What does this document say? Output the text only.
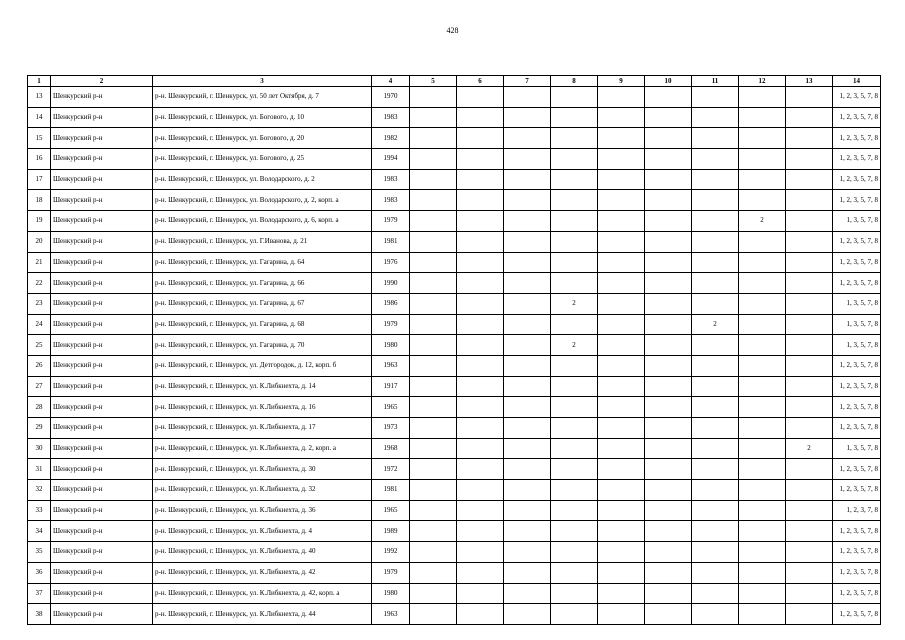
428
1	2	3	4	5	6	7	8	9	10	11	12	13	14
13	Шенкурский р-н	р-н. Шенкурский, г. Шенкурск, ул. 50 лет Октября, д. 7	1970										1, 2, 3, 5, 7, 8
14	Шенкурский р-н	р-н. Шенкурский, г. Шенкурск, ул. Богового, д. 10	1983										1, 2, 3, 5, 7, 8
15	Шенкурский р-н	р-н. Шенкурский, г. Шенкурск, ул. Богового, д. 20	1982										1, 2, 3, 5, 7, 8
16	Шенкурский р-н	р-н. Шенкурский, г. Шенкурск, ул. Богового, д. 25	1994										1, 2, 3, 5, 7, 8
17	Шенкурский р-н	р-н. Шенкурский, г. Шенкурск, ул. Володарского, д. 2	1983										1, 2, 3, 5, 7, 8
18	Шенкурский р-н	р-н. Шенкурский, г. Шенкурск, ул. Володарского, д. 2, корп. а	1983										1, 2, 3, 5, 7, 8
19	Шенкурский р-н	р-н. Шенкурский, г. Шенкурск, ул. Володарского, д. 6, корп. а	1979								2		1, 3, 5, 7, 8
20	Шенкурский р-н	р-н. Шенкурский, г. Шенкурск, ул. Г.Иванова, д. 21	1981										1, 2, 3, 5, 7, 8
21	Шенкурский р-н	р-н. Шенкурский, г. Шенкурск, ул. Гагарина, д. 64	1976										1, 2, 3, 5, 7, 8
22	Шенкурский р-н	р-н. Шенкурский, г. Шенкурск, ул. Гагарина, д. 66	1990										1, 2, 3, 5, 7, 8
23	Шенкурский р-н	р-н. Шенкурский, г. Шенкурск, ул. Гагарина, д. 67	1986				2						1, 3, 5, 7, 8
24	Шенкурский р-н	р-н. Шенкурский, г. Шенкурск, ул. Гагарина, д. 68	1979							2			1, 3, 5, 7, 8
25	Шенкурский р-н	р-н. Шенкурский, г. Шенкурск, ул. Гагарина, д. 70	1980				2						1, 3, 5, 7, 8
26	Шенкурский р-н	р-н. Шенкурский, г. Шенкурск, ул. Детгородок, д. 12, корп. б	1963										1, 2, 3, 5, 7, 8
27	Шенкурский р-н	р-н. Шенкурский, г. Шенкурск, ул. К.Либкнехта, д. 14	1917										1, 2, 3, 5, 7, 8
28	Шенкурский р-н	р-н. Шенкурский, г. Шенкурск, ул. К.Либкнехта, д. 16	1965										1, 2, 3, 5, 7, 8
29	Шенкурский р-н	р-н. Шенкурский, г. Шенкурск, ул. К.Либкнехта, д. 17	1973										1, 2, 3, 5, 7, 8
30	Шенкурский р-н	р-н. Шенкурский, г. Шенкурск, ул. К.Либкнехта, д. 2, корп. а	1968									2	1, 3, 5, 7, 8
31	Шенкурский р-н	р-н. Шенкурский, г. Шенкурск, ул. К.Либкнехта, д. 30	1972										1, 2, 3, 5, 7, 8
32	Шенкурский р-н	р-н. Шенкурский, г. Шенкурск, ул. К.Либкнехта, д. 32	1981										1, 2, 3, 5, 7, 8
33	Шенкурский р-н	р-н. Шенкурский, г. Шенкурск, ул. К.Либкнехта, д. 36	1965										1, 2, 3, 7, 8
34	Шенкурский р-н	р-н. Шенкурский, г. Шенкурск, ул. К.Либкнехта, д. 4	1989										1, 2, 3, 5, 7, 8
35	Шенкурский р-н	р-н. Шенкурский, г. Шенкурск, ул. К.Либкнехта, д. 40	1992										1, 2, 3, 5, 7, 8
36	Шенкурский р-н	р-н. Шенкурский, г. Шенкурск, ул. К.Либкнехта, д. 42	1979										1, 2, 3, 5, 7, 8
37	Шенкурский р-н	р-н. Шенкурский, г. Шенкурск, ул. К.Либкнехта, д. 42, корп. а	1980										1, 2, 3, 5, 7, 8
38	Шенкурский р-н	р-н. Шенкурский, г. Шенкурск, ул. К.Либкнехта, д. 44	1963										1, 2, 3, 5, 7, 8
